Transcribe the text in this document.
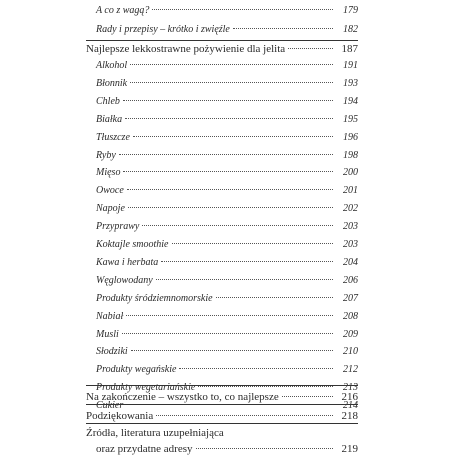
A co z wagą?	179
Rady i przepisy – krótko i zwięźle	182
Najlepsze lekkostrawne pożywienie dla jelita	187
Alkohol	191
Błonnik	193
Chleb	194
Białka	195
Tłuszcze	196
Ryby	198
Mięso	200
Owoce	201
Napoje	202
Przyprawy	203
Koktajle smoothie	203
Kawa i herbata	204
Węglowodany	206
Produkty śródziemnomorskie	207
Nabiał	208
Musli	209
Słodziki	210
Produkty wegańskie	212
Produkty wegetariańskie	213
Cukier	214
Na zakończenie – wszystko to, co najlepsze	216
Podziękowania	218
Źródła, literatura uzupełniająca
oraz przydatne adresy	219
